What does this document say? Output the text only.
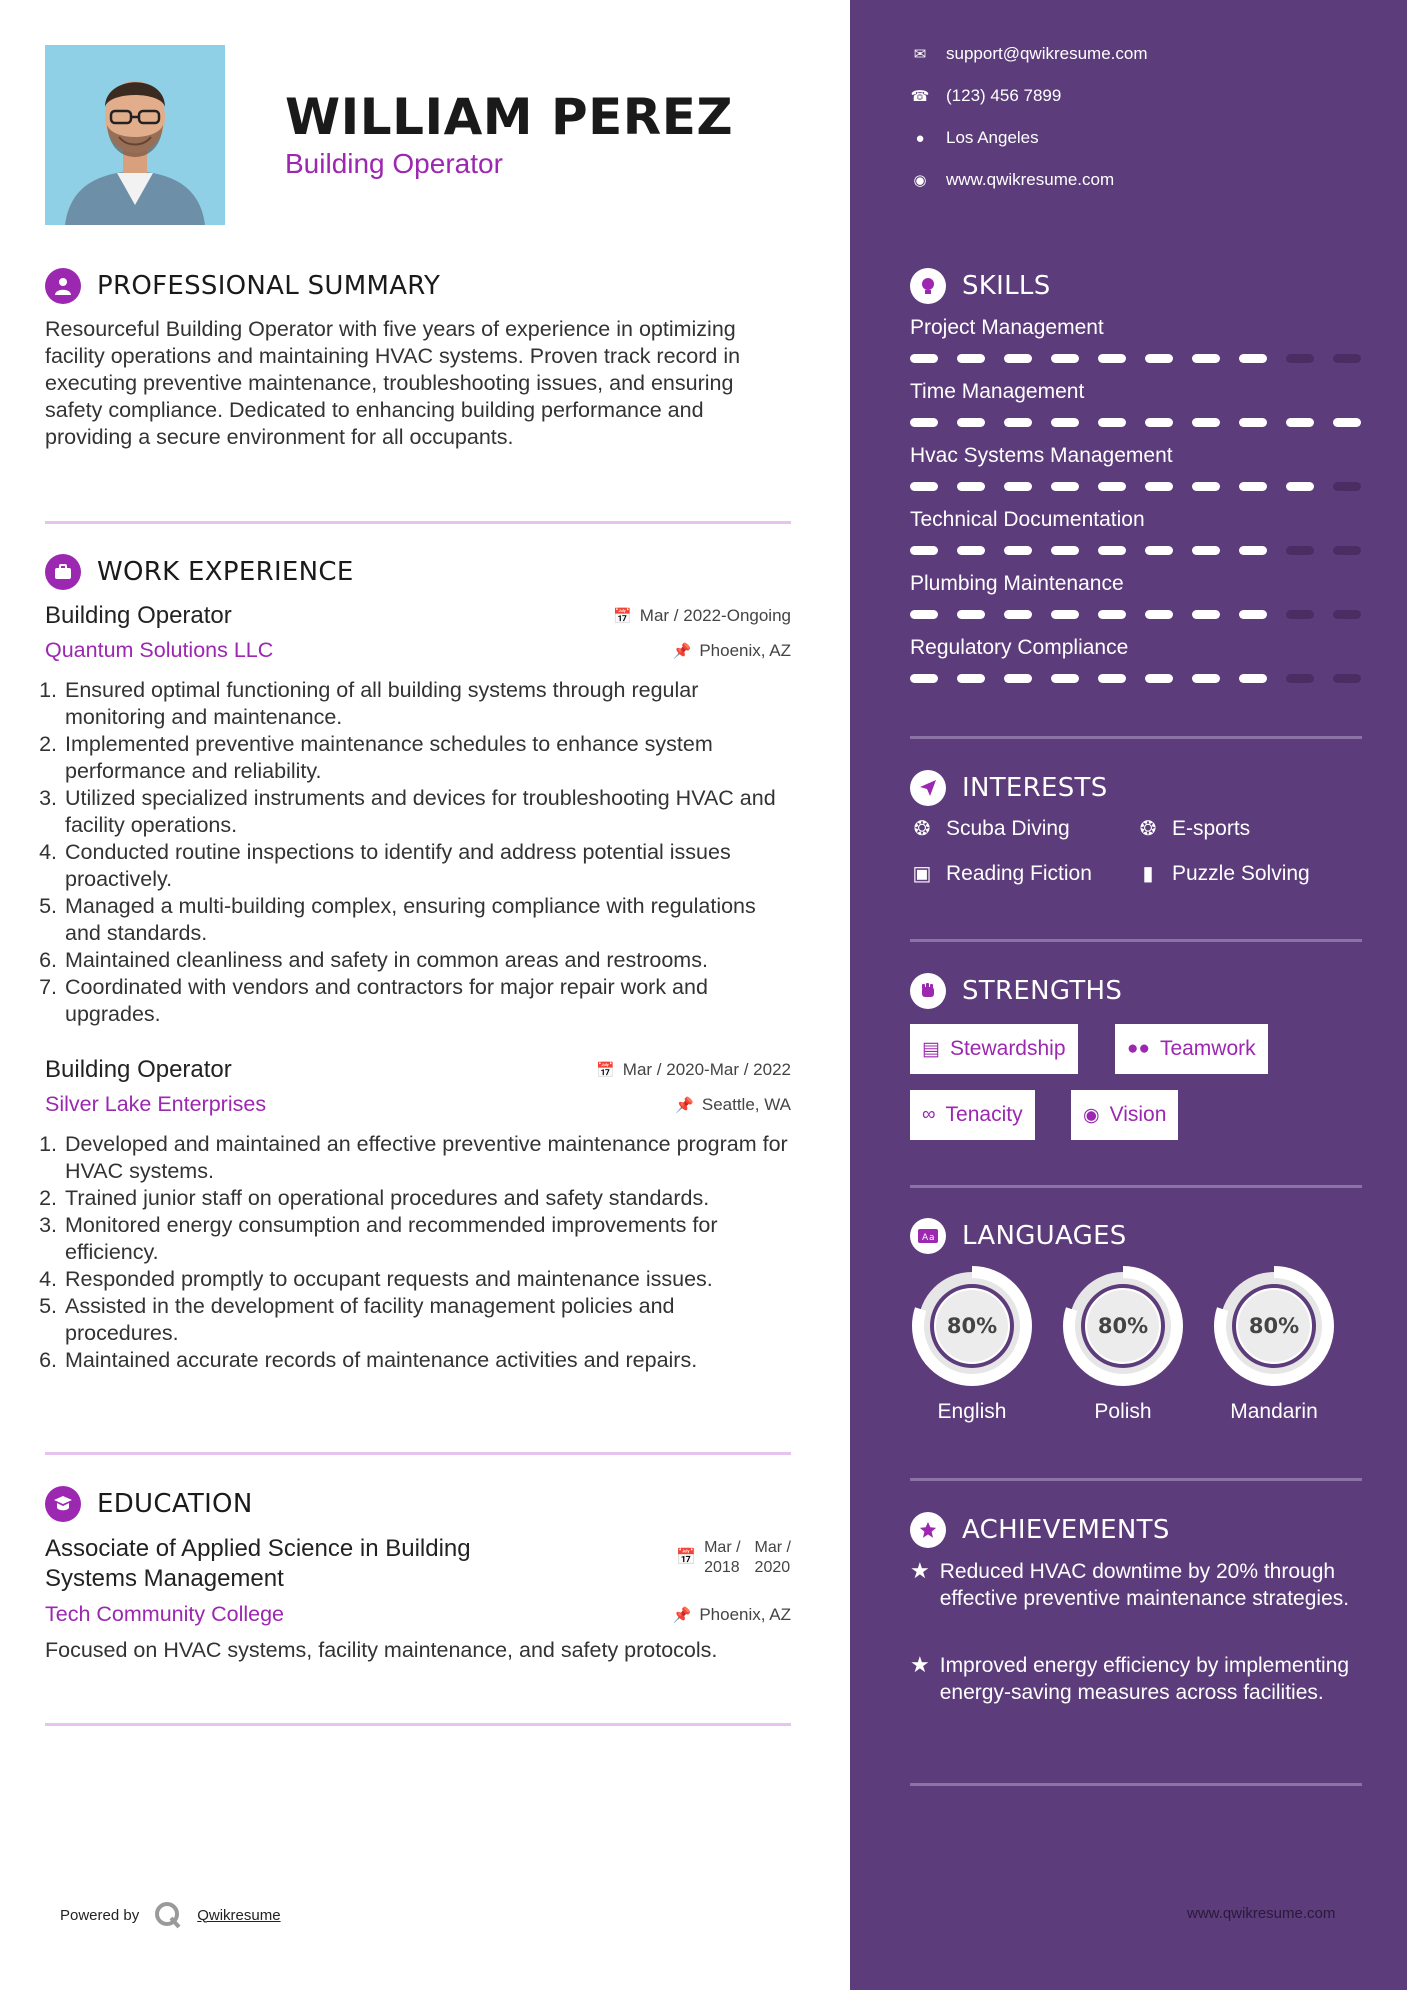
WILLIAM PEREZ
Building Operator
PROFESSIONAL SUMMARY

Resourceful Building Operator with five years of experience in optimizing facility operations and maintaining HVAC systems. Proven track record in executing preventive maintenance, troubleshooting issues, and ensuring safety compliance. Dedicated to enhancing building performance and providing a secure environment for all occupants.

WORK EXPERIENCE
Building Operator	📅 Mar / 2022-Ongoing
Quantum Solutions LLC	📌 Phoenix, AZ
1. Ensured optimal functioning of all building systems through regular monitoring and maintenance.
2. Implemented preventive maintenance schedules to enhance system performance and reliability.
3. Utilized specialized instruments and devices for troubleshooting HVAC and facility operations.
4. Conducted routine inspections to identify and address potential issues proactively.
5. Managed a multi-building complex, ensuring compliance with regulations and standards.
6. Maintained cleanliness and safety in common areas and restrooms.
7. Coordinated with vendors and contractors for major repair work and upgrades.
Building Operator	📅 Mar / 2020-Mar / 2022
Silver Lake Enterprises	📌 Seattle, WA
1. Developed and maintained an effective preventive maintenance program for HVAC systems.
2. Trained junior staff on operational procedures and safety standards.
3. Monitored energy consumption and recommended improvements for efficiency.
4. Responded promptly to occupant requests and maintenance issues.
5. Assisted in the development of facility management policies and procedures.
6. Maintained accurate records of maintenance activities and repairs.
EDUCATION
Associate of Applied Science in Building
Systems Management
📅
Mar /
2018
Mar /
2020
Tech Community College	📌 Phoenix, AZ

Focused on HVAC systems, facility maintenance, and safety protocols.

Powered by	Qwikresume
✉ support@qwikresume.com
☎ (123) 456 7899
●	Los Angeles
◉ www.qwikresume.com
SKILLS
Project Management
Time Management
Hvac Systems Management
Technical Documentation
Plumbing Maintenance
Regulatory Compliance
INTERESTS
❂ Scuba Diving	❂ E-sports
▣ Reading Fiction	▮ Puzzle Solving
STRENGTHS
▤ Stewardship	●● Teamwork
∞ Tenacity	◉ Vision
A a LANGUAGES
80%
English
80%
Polish
80%
Mandarin
ACHIEVEMENTS
★ Reduced HVAC downtime by 20% through effective preventive maintenance strategies.
★ Improved energy efficiency by implementing energy-saving measures across facilities.
www.qwikresume.com
